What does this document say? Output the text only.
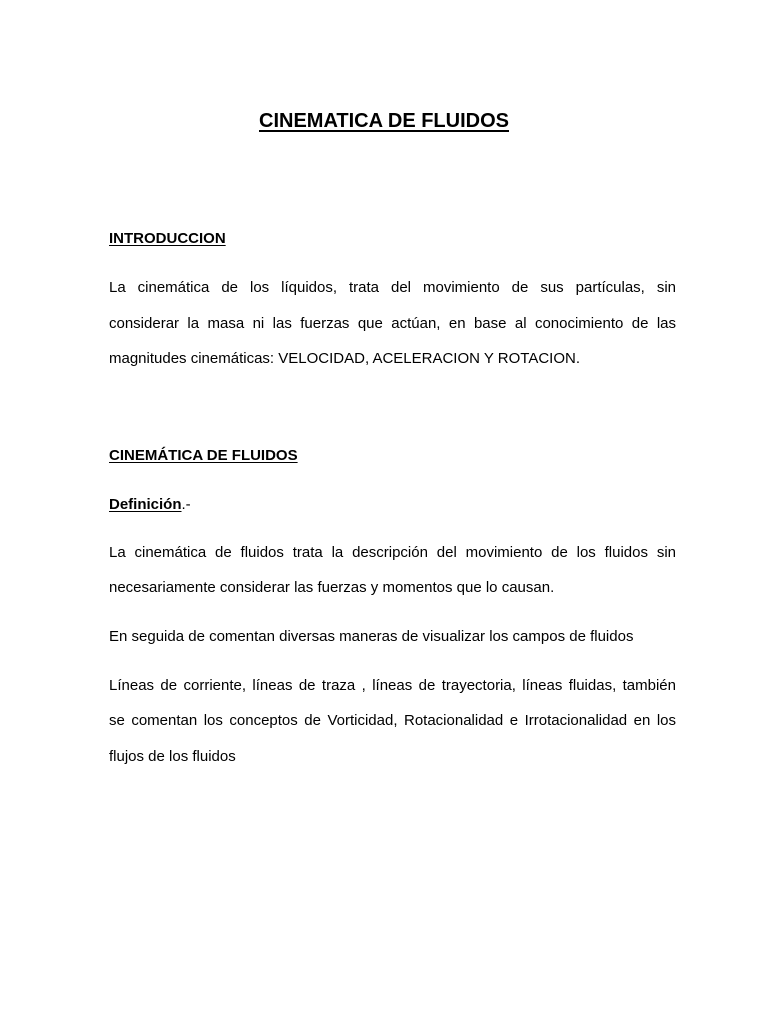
CINEMATICA DE FLUIDOS

INTRODUCCION

La cinemática de los líquidos, trata del movimiento de sus partículas, sin

considerar la masa ni las fuerzas que actúan, en base al conocimiento de las

magnitudes cinemáticas: VELOCIDAD, ACELERACION Y ROTACION.

CINEMÁTICA DE FLUIDOS

Definición.-

La cinemática de fluidos trata la descripción del movimiento de los fluidos sin

necesariamente considerar las fuerzas y momentos que lo causan.

En seguida de comentan diversas maneras de visualizar los campos de fluidos

Líneas de corriente, líneas de traza , líneas de trayectoria, líneas fluidas, también

se comentan los conceptos de Vorticidad, Rotacionalidad e Irrotacionalidad en los

flujos de los fluidos
